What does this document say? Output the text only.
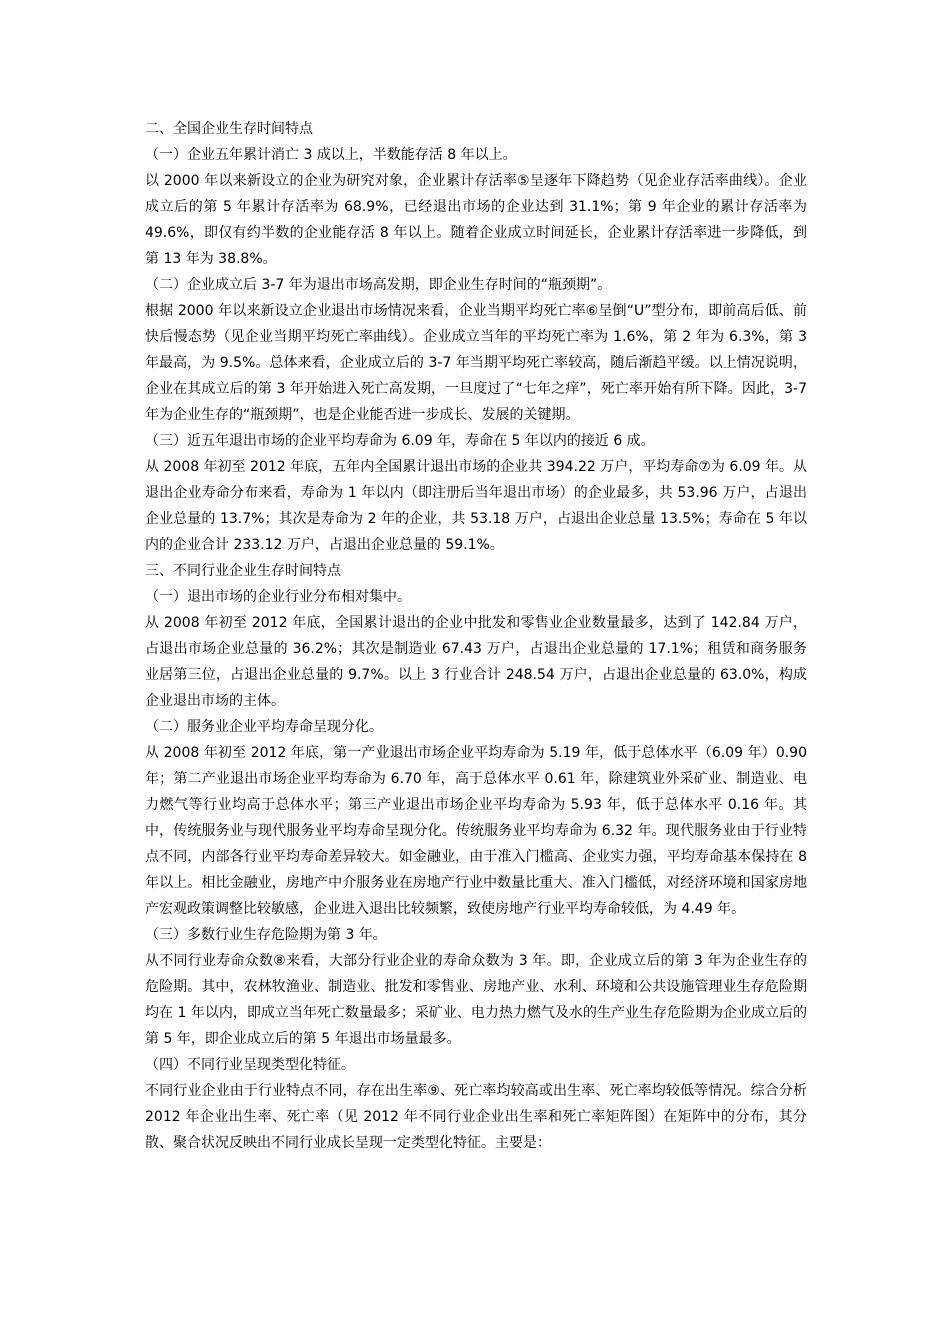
二、全国企业生存时间特点

（一）企业五年累计消亡 3 成以上，半数能存活 8 年以上。

以 2000 年以来新设立的企业为研究对象，企业累计存活率⑤呈逐年下降趋势（见企业存活率曲线）。企业成立后的第 5 年累计存活率为 68.9%，已经退出市场的企业达到 31.1%；第 9 年企业的累计存活率为 49.6%，即仅有约半数的企业能存活 8 年以上。随着企业成立时间延长，企业累计存活率进一步降低，到第 13 年为 38.8%。

（二）企业成立后 3-7 年为退出市场高发期，即企业生存时间的“瓶颈期”。

根据 2000 年以来新设立企业退出市场情况来看，企业当期平均死亡率⑥呈倒“U”型分布，即前高后低、前快后慢态势（见企业当期平均死亡率曲线）。企业成立当年的平均死亡率为 1.6%，第 2 年为 6.3%，第 3 年最高，为 9.5%。总体来看，企业成立后的 3-7 年当期平均死亡率较高，随后渐趋平缓。以上情况说明，企业在其成立后的第 3 年开始进入死亡高发期，一旦度过了“七年之痒”，死亡率开始有所下降。因此，3-7 年为企业生存的“瓶颈期”，也是企业能否进一步成长、发展的关键期。

（三）近五年退出市场的企业平均寿命为 6.09 年，寿命在 5 年以内的接近 6 成。

从 2008 年初至 2012 年底，五年内全国累计退出市场的企业共 394.22 万户，平均寿命⑦为 6.09 年。从退出企业寿命分布来看，寿命为 1 年以内（即注册后当年退出市场）的企业最多，共 53.96 万户，占退出企业总量的 13.7%；其次是寿命为 2 年的企业，共 53.18 万户，占退出企业总量 13.5%；寿命在 5 年以内的企业合计 233.12 万户，占退出企业总量的 59.1%。

三、不同行业企业生存时间特点

（一）退出市场的企业行业分布相对集中。

从 2008 年初至 2012 年底，全国累计退出的企业中批发和零售业企业数量最多，达到了 142.84 万户，占退出市场企业总量的 36.2%；其次是制造业 67.43 万户，占退出企业总量的 17.1%；租赁和商务服务业居第三位，占退出企业总量的 9.7%。以上 3 行业合计 248.54 万户，占退出企业总量的 63.0%，构成企业退出市场的主体。

（二）服务业企业平均寿命呈现分化。

从 2008 年初至 2012 年底，第一产业退出市场企业平均寿命为 5.19 年，低于总体水平（6.09 年）0.90 年；第二产业退出市场企业平均寿命为 6.70 年，高于总体水平 0.61 年，除建筑业外采矿业、制造业、电力燃气等行业均高于总体水平；第三产业退出市场企业平均寿命为 5.93 年，低于总体水平 0.16 年。其中，传统服务业与现代服务业平均寿命呈现分化。传统服务业平均寿命为 6.32 年。现代服务业由于行业特点不同，内部各行业平均寿命差异较大。如金融业，由于准入门槛高、企业实力强，平均寿命基本保持在 8 年以上。相比金融业，房地产中介服务业在房地产行业中数量比重大、准入门槛低，对经济环境和国家房地产宏观政策调整比较敏感，企业进入退出比较频繁，致使房地产行业平均寿命较低，为 4.49 年。

（三）多数行业生存危险期为第 3 年。

从不同行业寿命众数⑧来看，大部分行业企业的寿命众数为 3 年。即，企业成立后的第 3 年为企业生存的危险期。其中，农林牧渔业、制造业、批发和零售业、房地产业、水利、环境和公共设施管理业生存危险期均在 1 年以内，即成立当年死亡数量最多；采矿业、电力热力燃气及水的生产业生存危险期为企业成立后的第 5 年，即企业成立后的第 5 年退出市场量最多。

（四）不同行业呈现类型化特征。

不同行业企业由于行业特点不同，存在出生率⑨、死亡率均较高或出生率、死亡率均较低等情况。综合分析 2012 年企业出生率、死亡率（见 2012 年不同行业企业出生率和死亡率矩阵图）在矩阵中的分布，其分散、聚合状况反映出不同行业成长呈现一定类型化特征。主要是：
